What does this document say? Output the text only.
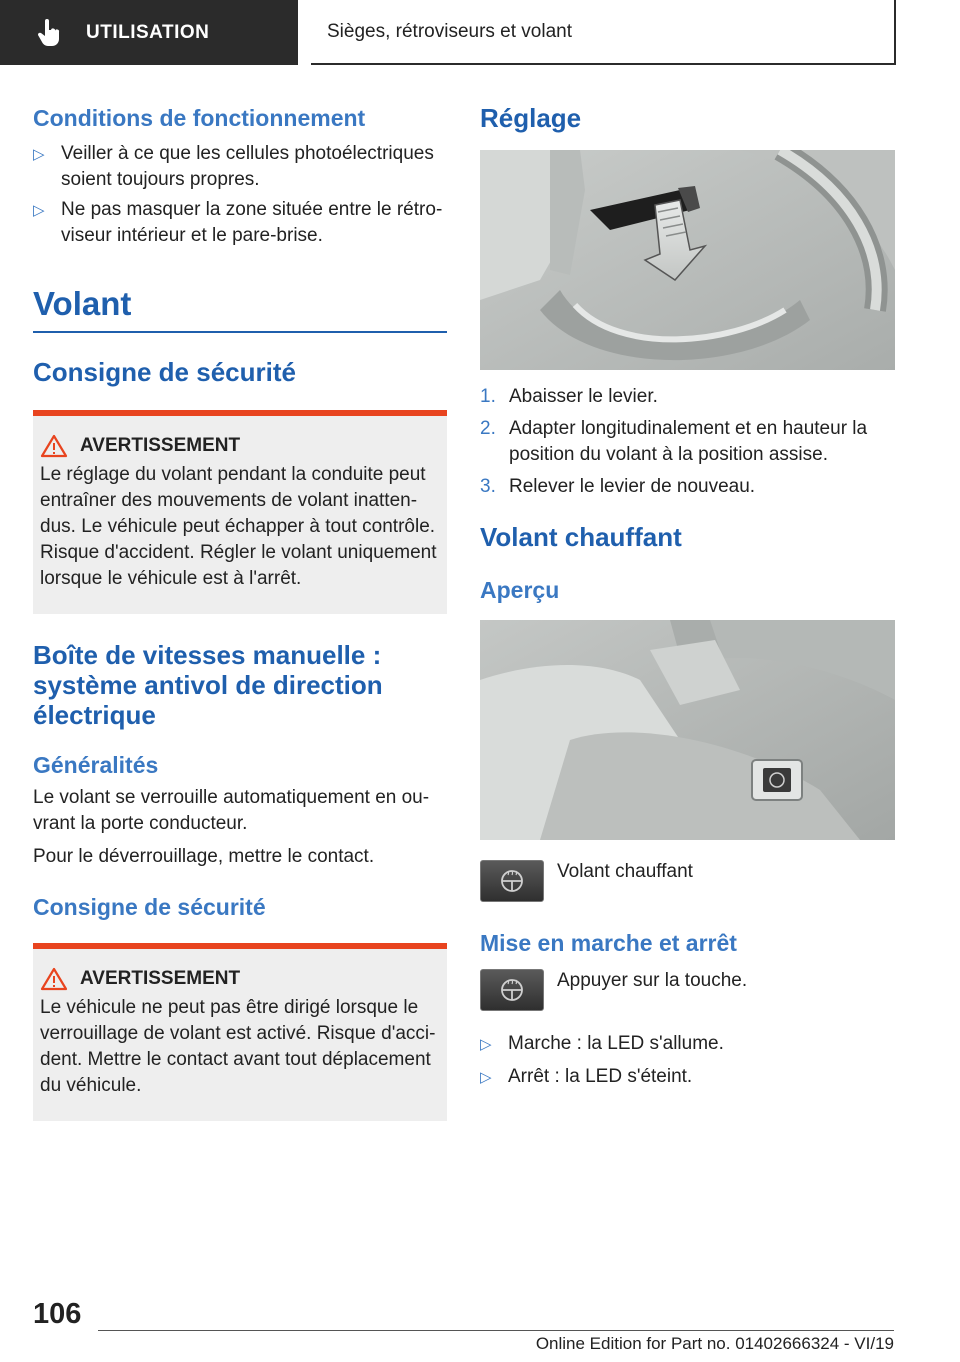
UTILISATION	Sièges, rétroviseurs et volant
Conditions de fonctionnement
▷ Veiller à ce que les cellules photoélectriques soient toujours propres.
▷ Ne pas masquer la zone située entre le rétroviseur intérieur et le pare-brise.
Volant
Consigne de sécurité
AVERTISSEMENT

Le réglage du volant pendant la conduite peut entraîner des mouvements de volant inattendus. Le véhicule peut échapper à tout contrôle. Risque d'accident. Régler le volant uniquement lorsque le véhicule est à l'arrêt.

Boîte de vitesses manuelle : système antivol de direction électrique
Généralités

Le volant se verrouille automatiquement en ouvrant la porte conducteur.

Pour le déverrouillage, mettre le contact.

Consigne de sécurité
AVERTISSEMENT

Le véhicule ne peut pas être dirigé lorsque le verrouillage de volant est activé. Risque d'accident. Mettre le contact avant tout déplacement du véhicule.

Réglage
1. Abaisser le levier.
2. Adapter longitudinalement et en hauteur la position du volant à la position assise.
3. Relever le levier de nouveau.
Volant chauffant
Aperçu
Volant chauffant
Mise en marche et arrêt
Appuyer sur la touche.
▷ Marche : la LED s'allume.
▷ Arrêt : la LED s'éteint.
106
Online Edition for Part no. 01402666324 - VI/19
